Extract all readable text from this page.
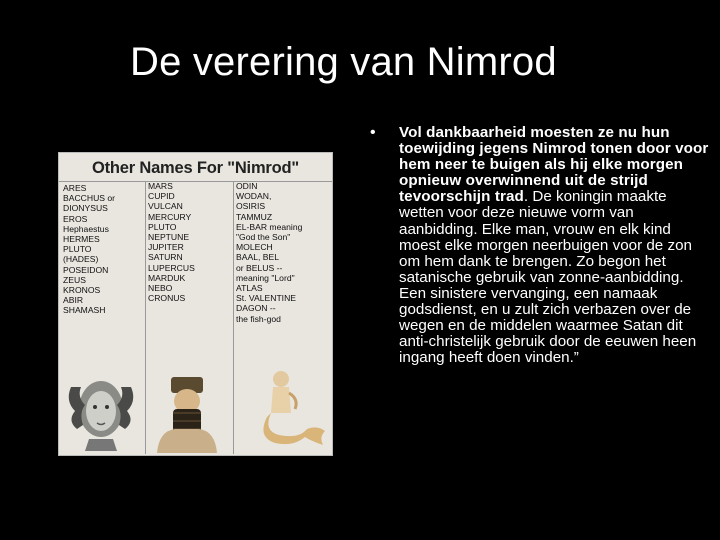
De verering van Nimrod
Other Names For "Nimrod"
ARES
BACCHUS or
DIONYSUS
EROS
Hephaestus
HERMES
PLUTO
(HADES)
POSEIDON
ZEUS
KRONOS
ABIR
SHAMASH
MARS
CUPID
VULCAN
MERCURY
PLUTO
NEPTUNE
JUPITER
SATURN
LUPERCUS
MARDUK
NEBO
CRONUS
ODIN
WODAN,
OSIRIS
TAMMUZ
EL-BAR meaning
"God the Son"
MOLECH
BAAL, BEL
or BELUS --
meaning "Lord"
ATLAS
St. VALENTINE
DAGON --
the fish-god
• Vol dankbaarheid moesten ze nu hun toewijding jegens Nimrod tonen door voor hem neer te buigen als hij elke morgen opnieuw overwinnend uit de strijd tevoorschijn trad. De koningin maakte wetten voor deze nieuwe vorm van aanbidding. Elke man, vrouw en elk kind moest elke morgen neerbuigen voor de zon om hem dank te brengen. Zo begon het satanische gebruik van zonne-aanbidding. Een sinistere vervanging, een namaak godsdienst, en u zult zich verbazen over de wegen en de middelen waarmee Satan dit anti-christelijk gebruik door de eeuwen heen ingang heeft doen vinden.”
